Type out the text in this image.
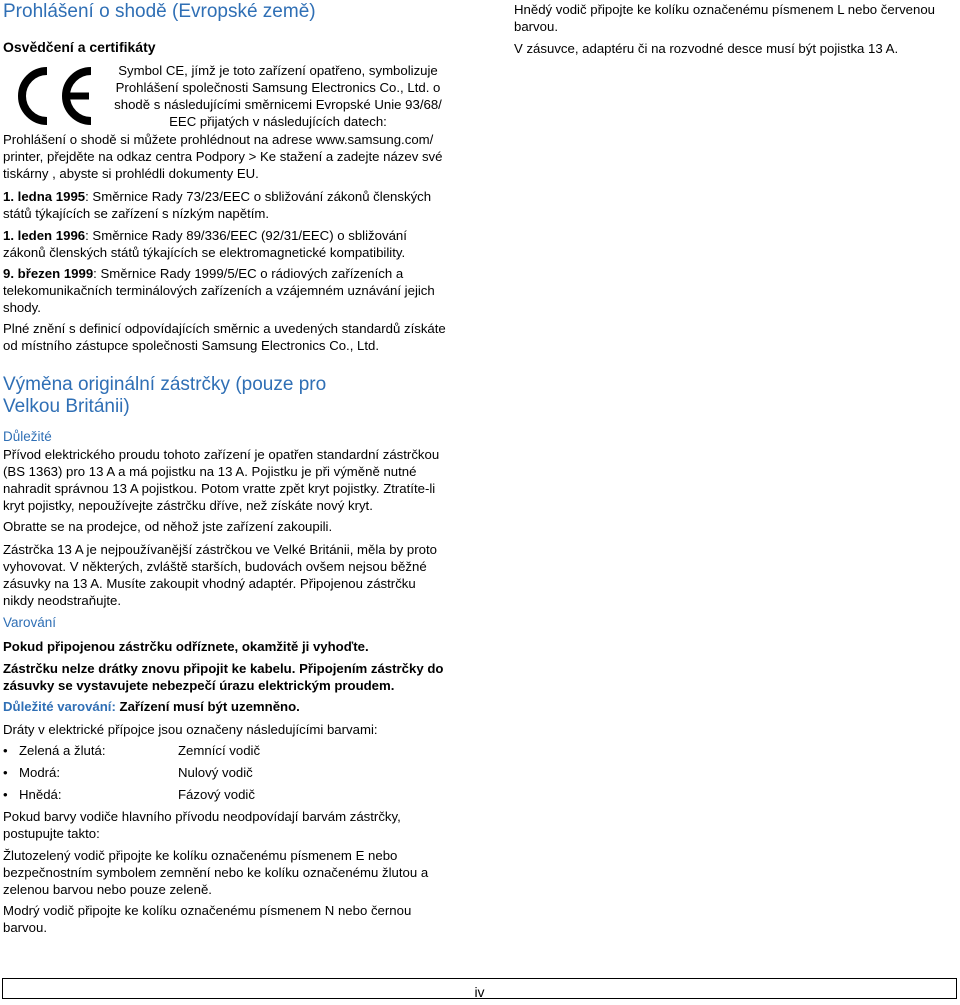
Prohlášení o shodě (Evropské země)
Osvědčení a certifikáty

Symbol CE, jímž je toto zařízení opatřeno, symbolizuje Prohlášení společnosti Samsung Electronics Co., Ltd. o shodě s následujícími směrnicemi Evropské Unie 93/68/ EEC přijatých v následujících datech:

Prohlášení o shodě si můžete prohlédnout na adrese www.samsung.com/ printer, přejděte na odkaz centra Podpory > Ke stažení a zadejte název své tiskárny , abyste si prohlédli dokumenty EU.

1. ledna 1995: Směrnice Rady 73/23/EEC o sbližování zákonů členských států týkajících se zařízení s nízkým napětím.

1. leden 1996: Směrnice Rady 89/336/EEC (92/31/EEC) o sbližování zákonů členských států týkajících se elektromagnetické kompatibility.

9. březen 1999: Směrnice Rady 1999/5/EC o rádiových zařízeních a telekomunikačních terminálových zařízeních a vzájemném uznávání jejich shody.

Plné znění s definicí odpovídajících směrnic a uvedených standardů získáte od místního zástupce společnosti Samsung Electronics Co., Ltd.

Výměna originální zástrčky (pouze pro Velkou Británii)

Důležité

Přívod elektrického proudu tohoto zařízení je opatřen standardní zástrčkou (BS 1363) pro 13 A a má pojistku na 13 A. Pojistku je při výměně nutné nahradit správnou 13 A pojistkou. Potom vratte zpět kryt pojistky. Ztratíte-li kryt pojistky, nepoužívejte zástrčku dříve, než získáte nový kryt.

Obratte se na prodejce, od něhož jste zařízení zakoupili.

Zástrčka 13 A je nejpoužívanější zástrčkou ve Velké Británii, měla by proto vyhovovat. V některých, zvláště starších, budovách ovšem nejsou běžné zásuvky na 13 A. Musíte zakoupit vhodný adaptér. Připojenou zástrčku nikdy neodstraňujte.

Varování

Pokud připojenou zástrčku odříznete, okamžitě ji vyhoďte.

Zástrčku nelze drátky znovu připojit ke kabelu. Připojením zástrčky do zásuvky se vystavujete nebezpečí úrazu elektrickým proudem.

Důležité varování: Zařízení musí být uzemněno.

Dráty v elektrické přípojce jsou označeny následujícími barvami:

• Zelená a žlutá:	Zemnící vodič
• Modrá:	Nulový vodič
• Hnědá:	Fázový vodič

Pokud barvy vodiče hlavního přívodu neodpovídají barvám zástrčky, postupujte takto:

Žlutozelený vodič připojte ke kolíku označenému písmenem E nebo bezpečnostním symbolem zemnění nebo ke kolíku označenému žlutou a zelenou barvou nebo pouze zeleně.

Modrý vodič připojte ke kolíku označenému písmenem N nebo černou barvou.

Hnědý vodič připojte ke kolíku označenému písmenem L nebo červenou barvou.

V zásuvce, adaptéru či na rozvodné desce musí být pojistka 13 A.

iv
